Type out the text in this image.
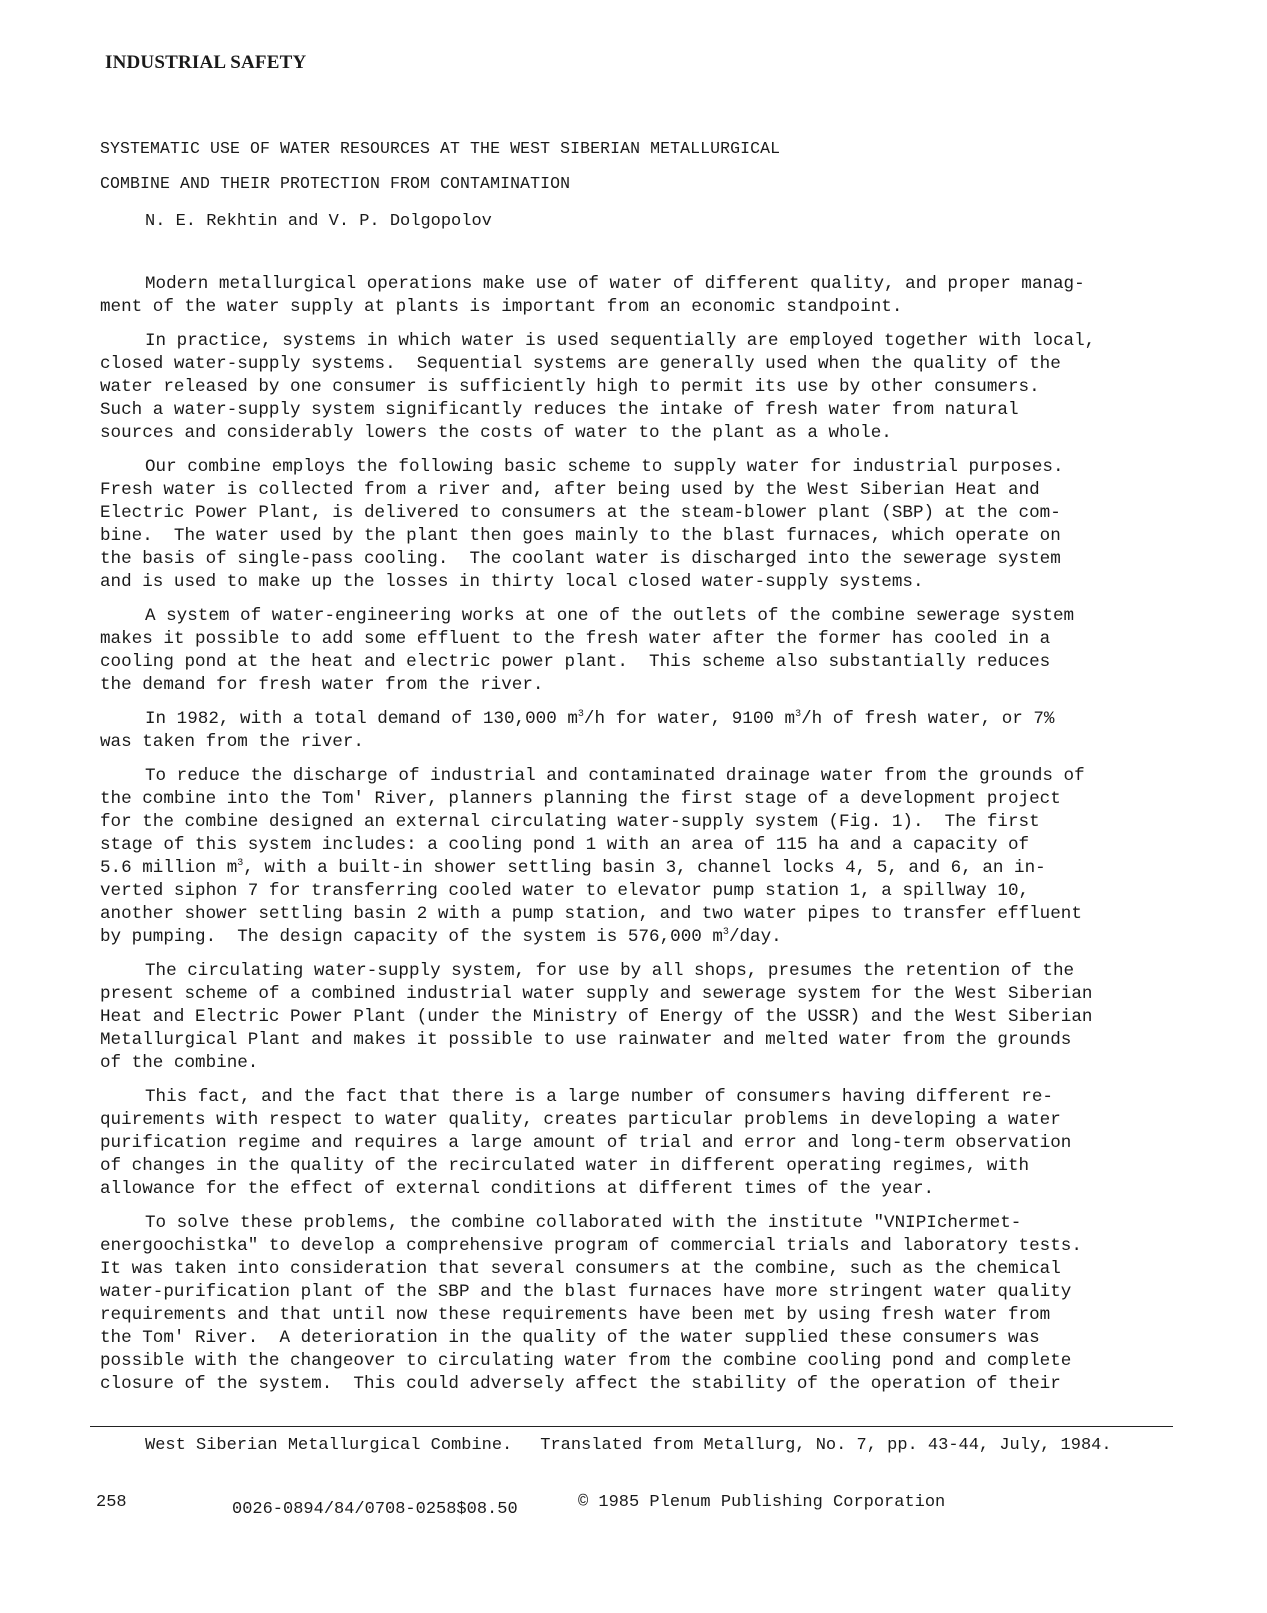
INDUSTRIAL SAFETY
SYSTEMATIC USE OF WATER RESOURCES AT THE WEST SIBERIAN METALLURGICAL
COMBINE AND THEIR PROTECTION FROM CONTAMINATION
N. E. Rekhtin and V. P. Dolgopolov
Modern metallurgical operations make use of water of different quality, and proper manag-
ment of the water supply at plants is important from an economic standpoint.
In practice, systems in which water is used sequentially are employed together with local,
closed water-supply systems.  Sequential systems are generally used when the quality of the
water released by one consumer is sufficiently high to permit its use by other consumers.
Such a water-supply system significantly reduces the intake of fresh water from natural
sources and considerably lowers the costs of water to the plant as a whole.
Our combine employs the following basic scheme to supply water for industrial purposes.
Fresh water is collected from a river and, after being used by the West Siberian Heat and
Electric Power Plant, is delivered to consumers at the steam-blower plant (SBP) at the com-
bine.  The water used by the plant then goes mainly to the blast furnaces, which operate on
the basis of single-pass cooling.  The coolant water is discharged into the sewerage system
and is used to make up the losses in thirty local closed water-supply systems.
A system of water-engineering works at one of the outlets of the combine sewerage system
makes it possible to add some effluent to the fresh water after the former has cooled in a
cooling pond at the heat and electric power plant.  This scheme also substantially reduces
the demand for fresh water from the river.
In 1982, with a total demand of 130,000 $m^3/h$ for water, 9100 $m^3/h$ of fresh water, or 7%
was taken from the river.
To reduce the discharge of industrial and contaminated drainage water from the grounds of
the combine into the Tom' River, planners planning the first stage of a development project
for the combine designed an external circulating water-supply system (Fig. 1).  The first
stage of this system includes: a cooling pond 1 with an area of 115 ha and a capacity of
5.6 million $m^3$, with a built-in shower settling basin 3, channel locks 4, 5, and 6, an in-
verted siphon 7 for transferring cooled water to elevator pump station 1, a spillway 10,
another shower settling basin 2 with a pump station, and two water pipes to transfer effluent
by pumping.  The design capacity of the system is 576,000 $m^3$/day.
The circulating water-supply system, for use by all shops, presumes the retention of the
present scheme of a combined industrial water supply and sewerage system for the West Siberian
Heat and Electric Power Plant (under the Ministry of Energy of the USSR) and the West Siberian
Metallurgical Plant and makes it possible to use rainwater and melted water from the grounds
of the combine.
This fact, and the fact that there is a large number of consumers having different re-
quirements with respect to water quality, creates particular problems in developing a water
purification regime and requires a large amount of trial and error and long-term observation
of changes in the quality of the recirculated water in different operating regimes, with
allowance for the effect of external conditions at different times of the year.
To solve these problems, the combine collaborated with the institute "VNIPIchermet-
energoochistka" to develop a comprehensive program of commercial trials and laboratory tests.
It was taken into consideration that several consumers at the combine, such as the chemical
water-purification plant of the SBP and the blast furnaces have more stringent water quality
requirements and that until now these requirements have been met by using fresh water from
the Tom' River.  A deterioration in the quality of the water supplied these consumers was
possible with the changeover to circulating water from the combine cooling pond and complete
closure of the system.  This could adversely affect the stability of the operation of their
West Siberian Metallurgical Combine. Translated from Metallurg, No. 7, pp. 43-44, July, 1984.
258	0026-0894/84/0708-0258$08.50	© 1985 Plenum Publishing Corporation
